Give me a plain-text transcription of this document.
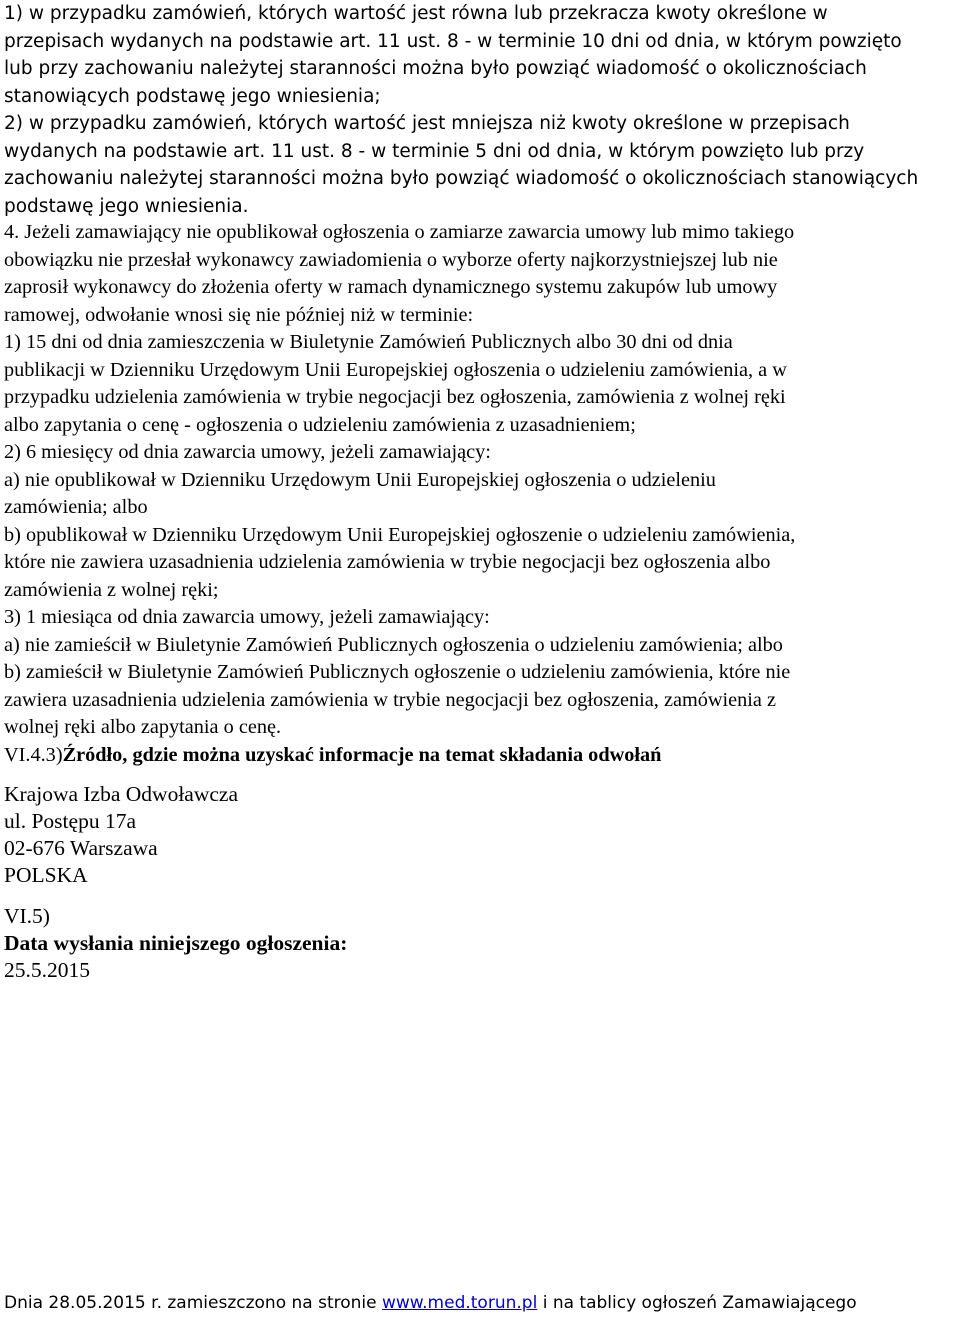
1) w przypadku zamówień, których wartość jest równa lub przekracza kwoty określone w
przepisach wydanych na podstawie art. 11 ust. 8 - w terminie 10 dni od dnia, w którym powzięto
lub przy zachowaniu należytej staranności można było powziąć wiadomość o okolicznościach
stanowiących podstawę jego wniesienia;

2) w przypadku zamówień, których wartość jest mniejsza niż kwoty określone w przepisach
wydanych na podstawie art. 11 ust. 8 - w terminie 5 dni od dnia, w którym powzięto lub przy
zachowaniu należytej staranności można było powziąć wiadomość o okolicznościach stanowiących
podstawę jego wniesienia.

4. Jeżeli zamawiający nie opublikował ogłoszenia o zamiarze zawarcia umowy lub mimo takiego
obowiązku nie przesłał wykonawcy zawiadomienia o wyborze oferty najkorzystniejszej lub nie
zaprosił wykonawcy do złożenia oferty w ramach dynamicznego systemu zakupów lub umowy
ramowej, odwołanie wnosi się nie później niż w terminie:
1) 15 dni od dnia zamieszczenia w Biuletynie Zamówień Publicznych albo 30 dni od dnia
publikacji w Dzienniku Urzędowym Unii Europejskiej ogłoszenia o udzieleniu zamówienia, a w
przypadku udzielenia zamówienia w trybie negocjacji bez ogłoszenia, zamówienia z wolnej ręki
albo zapytania o cenę - ogłoszenia o udzieleniu zamówienia z uzasadnieniem;
2) 6 miesięcy od dnia zawarcia umowy, jeżeli zamawiający:
a) nie opublikował w Dzienniku Urzędowym Unii Europejskiej ogłoszenia o udzieleniu
zamówienia; albo
b) opublikował w Dzienniku Urzędowym Unii Europejskiej ogłoszenie o udzieleniu zamówienia,
które nie zawiera uzasadnienia udzielenia zamówienia w trybie negocjacji bez ogłoszenia albo
zamówienia z wolnej ręki;
3) 1 miesiąca od dnia zawarcia umowy, jeżeli zamawiający:
a) nie zamieścił w Biuletynie Zamówień Publicznych ogłoszenia o udzieleniu zamówienia; albo
b) zamieścił w Biuletynie Zamówień Publicznych ogłoszenie o udzieleniu zamówienia, które nie
zawiera uzasadnienia udzielenia zamówienia w trybie negocjacji bez ogłoszenia, zamówienia z
wolnej ręki albo zapytania o cenę.
VI.4.3)Źródło, gdzie można uzyskać informacje na temat składania odwołań
Krajowa Izba Odwoławcza
ul. Postępu 17a
02-676 Warszawa
POLSKA
VI.5)
Data wysłania niniejszego ogłoszenia:
25.5.2015
Dnia 28.05.2015 r. zamieszczono na stronie www.med.torun.pl i na tablicy ogłoszeń Zamawiającego
